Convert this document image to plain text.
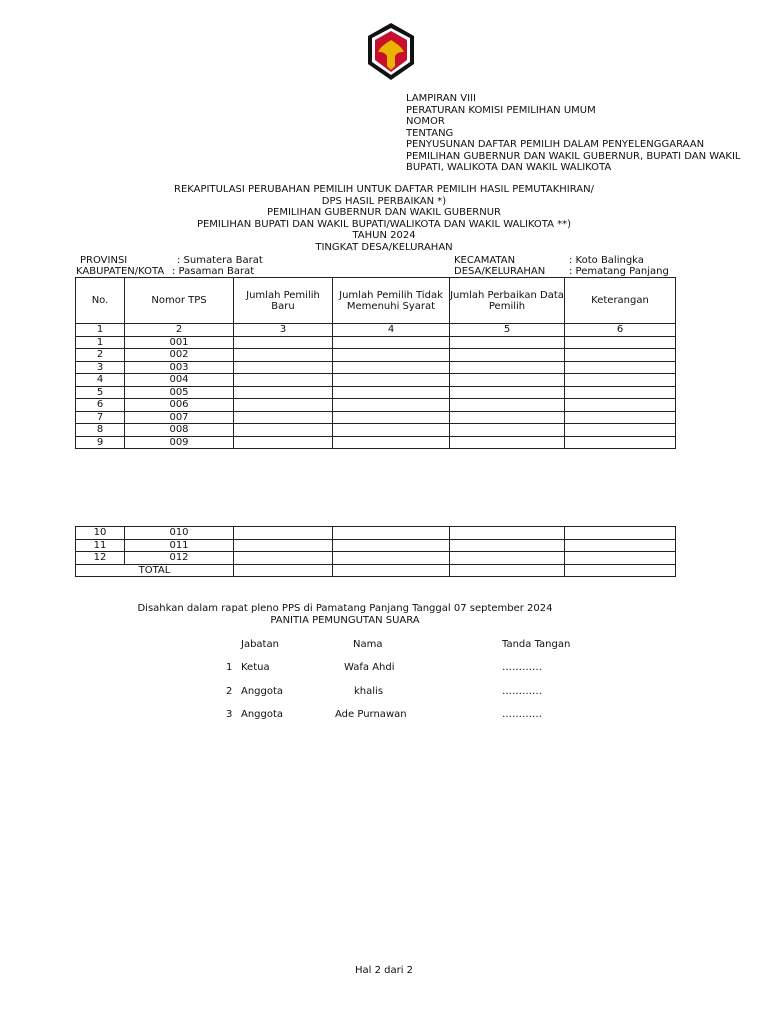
LAMPIRAN VIII
PERATURAN KOMISI PEMILIHAN UMUM
NOMOR
TENTANG
PENYUSUNAN DAFTAR PEMILIH DALAM PENYELENGGARAAN
PEMILIHAN GUBERNUR DAN WAKIL GUBERNUR, BUPATI DAN WAKIL
BUPATI, WALIKOTA DAN WAKIL WALIKOTA
REKAPITULASI PERUBAHAN PEMILIH UNTUK DAFTAR PEMILIH HASIL PEMUTAKHIRAN/
DPS HASIL PERBAIKAN *)
PEMILIHAN GUBERNUR DAN WAKIL GUBERNUR
PEMILIHAN BUPATI DAN WAKIL BUPATI/WALIKOTA DAN WAKIL WALIKOTA **)
TAHUN 2024
TINGKAT DESA/KELURAHAN
PROVINSI	: Sumatera Barat
KABUPATEN/KOTA : Pasaman Barat
KECAMATAN	: Koto Balingka
DESA/KELURAHAN : Pematang Panjang
No.	Nomor TPS	Jumlah Pemilih Baru	Jumlah Pemilih Tidak Memenuhi Syarat	Jumlah Perbaikan Data Pemilih	Keterangan
1	2	3	4	5	6
1	001				
2	002				
3	003				
4	004				
5	005				
6	006				
7	007				
8	008				
9	009				
10	010				
11	011				
12	012				
TOTAL					
Disahkan dalam rapat pleno PPS di Pamatang Panjang Tanggal 07 september 2024
PANITIA PEMUNGUTAN SUARA
Jabatan	Nama	Tanda Tangan
1 Ketua	Wafa Ahdi	…………
2 Anggota	khalis	…………
3 Anggota	Ade Purnawan	…………
Hal 2 dari 2
